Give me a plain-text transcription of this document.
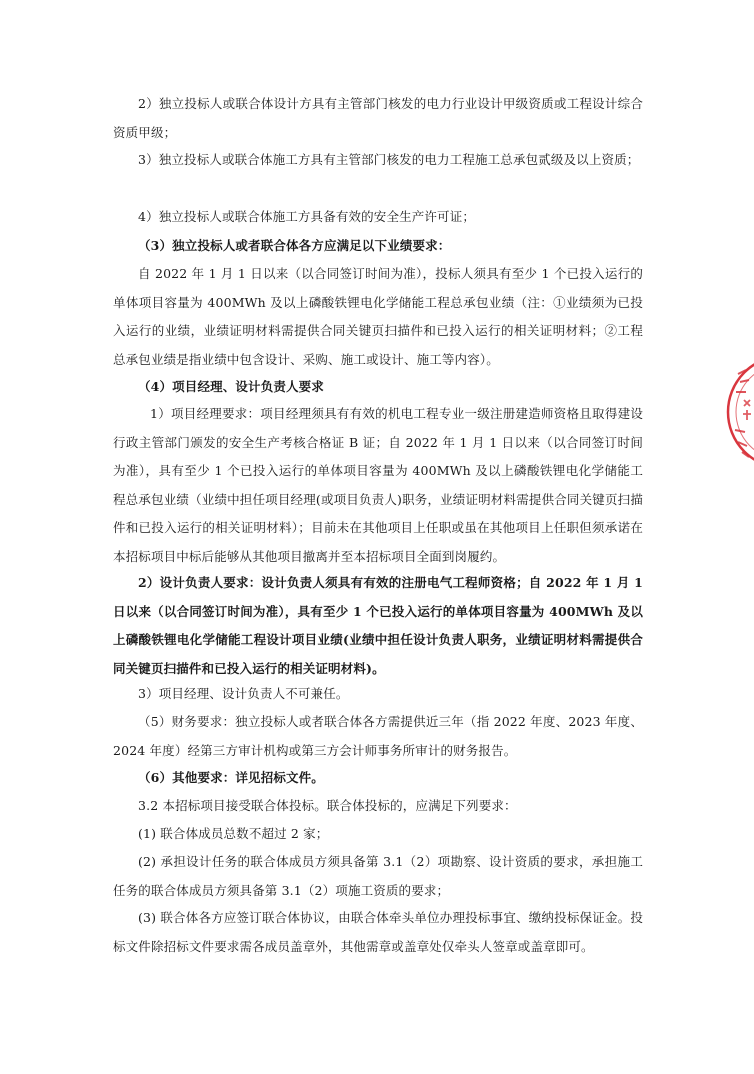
2）独立投标人或联合体设计方具有主管部门核发的电力行业设计甲级资质或工程设计综合资质甲级；

3）独立投标人或联合体施工方具有主管部门核发的电力工程施工总承包贰级及以上资质；

4）独立投标人或联合体施工方具备有效的安全生产许可证；

（3）独立投标人或者联合体各方应满足以下业绩要求：

自 2022 年 1 月 1 日以来（以合同签订时间为准），投标人须具有至少 1 个已投入运行的单体项目容量为 400MWh 及以上磷酸铁锂电化学储能工程总承包业绩（注：①业绩须为已投入运行的业绩，业绩证明材料需提供合同关键页扫描件和已投入运行的相关证明材料；②工程总承包业绩是指业绩中包含设计、采购、施工或设计、施工等内容）。

（4）项目经理、设计负责人要求

1）项目经理要求：项目经理须具有有效的机电工程专业一级注册建造师资格且取得建设行政主管部门颁发的安全生产考核合格证 B 证；自 2022 年 1 月 1 日以来（以合同签订时间为准），具有至少 1 个已投入运行的单体项目容量为 400MWh 及以上磷酸铁锂电化学储能工程总承包业绩（业绩中担任项目经理(或项目负责人)职务，业绩证明材料需提供合同关键页扫描件和已投入运行的相关证明材料）；目前未在其他项目上任职或虽在其他项目上任职但须承诺在本招标项目中标后能够从其他项目撤离并至本招标项目全面到岗履约。

2）设计负责人要求：设计负责人须具有有效的注册电气工程师资格；自 2022 年 1 月 1 日以来（以合同签订时间为准），具有至少 1 个已投入运行的单体项目容量为 400MWh 及以上磷酸铁锂电化学储能工程设计项目业绩(业绩中担任设计负责人职务，业绩证明材料需提供合同关键页扫描件和已投入运行的相关证明材料)。

3）项目经理、设计负责人不可兼任。

（5）财务要求：独立投标人或者联合体各方需提供近三年（指 2022 年度、2023 年度、2024 年度）经第三方审计机构或第三方会计师事务所审计的财务报告。

（6）其他要求：详见招标文件。

3.2 本招标项目接受联合体投标。联合体投标的，应满足下列要求：

(1) 联合体成员总数不超过 2 家；

(2) 承担设计任务的联合体成员方须具备第 3.1（2）项勘察、设计资质的要求，承担施工任务的联合体成员方须具备第 3.1（2）项施工资质的要求；

(3) 联合体各方应签订联合体协议，由联合体牵头单位办理投标事宜、缴纳投标保证金。投标文件除招标文件要求需各成员盖章外，其他需章或盖章处仅牵头人签章或盖章即可。
